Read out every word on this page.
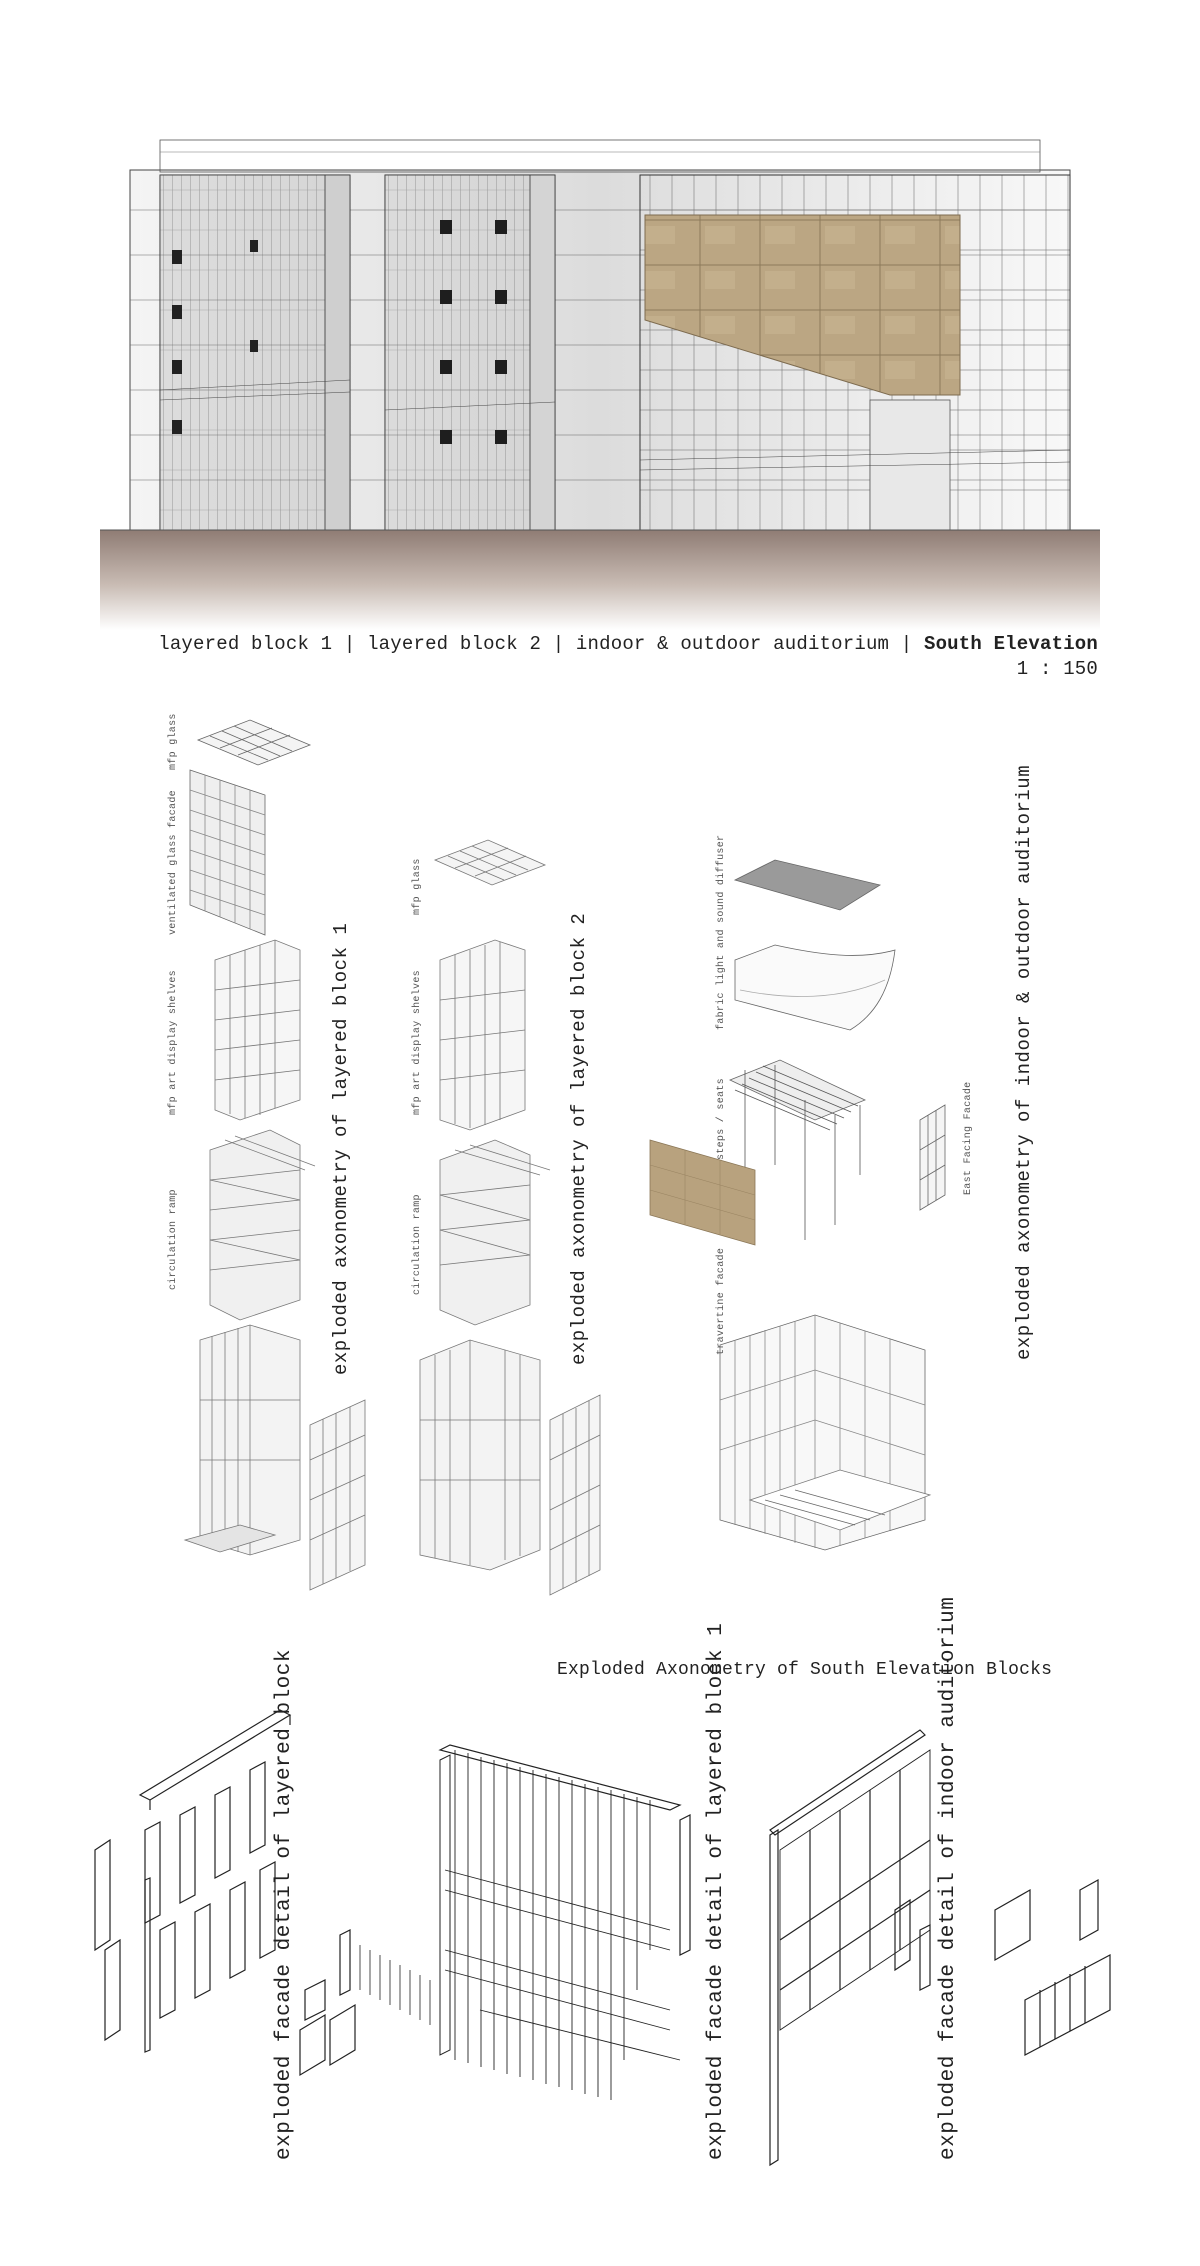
layered block 1 | layered block 2 | indoor & outdoor auditorium | South Elevation
1 : 150
mfp glass
ventilated glass facade
mfp art display shelves
circulation ramp	exploded axonometry of layered block 1
mfp glass
mfp art display shelves
circulation ramp	exploded axonometry of layered block 2	fabric light and sound diffuser
steps / seats
travertine facade
East Facing Facade exploded axonometry of indoor & outdoor auditorium
Exploded Axonometry of South Elevation Blocks
exploded facade detail of layered block	exploded facade detail of layered block 1	exploded facade detail of indoor auditorium
